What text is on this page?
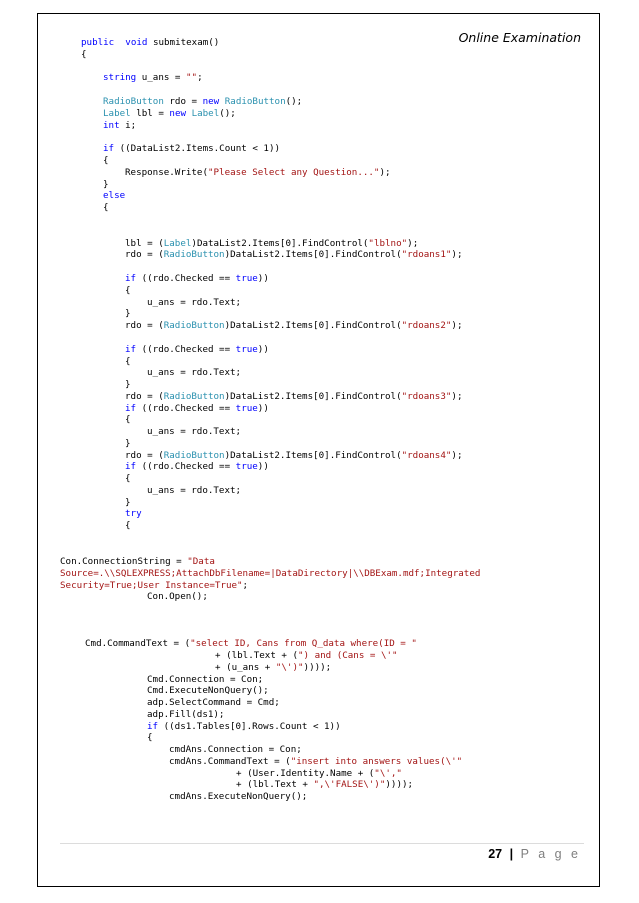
Online Examination
public void submitexam()
{
string u_ans = "";
RadioButton rdo = new RadioButton();
Label lbl = new Label();
int i;
if ((DataList2.Items.Count < 1))
{
Response.Write("Please Select any Question...");
}
else
{
lbl = (Label)DataList2.Items[0].FindControl("lblno");
rdo = (RadioButton)DataList2.Items[0].FindControl("rdoans1");
if ((rdo.Checked == true))
{
u_ans = rdo.Text;
}
rdo = (RadioButton)DataList2.Items[0].FindControl("rdoans2");
if ((rdo.Checked == true))
{
u_ans = rdo.Text;
}
rdo = (RadioButton)DataList2.Items[0].FindControl("rdoans3");
if ((rdo.Checked == true))
{
u_ans = rdo.Text;
}
rdo = (RadioButton)DataList2.Items[0].FindControl("rdoans4");
if ((rdo.Checked == true))
{
u_ans = rdo.Text;
}
try
{
Con.ConnectionString = "Data
Source=.\\SQLEXPRESS;AttachDbFilename=|DataDirectory|\\DBExam.mdf;Integrated
Security=True;User Instance=True";
Con.Open();
Cmd.CommandText = ("select ID, Cans from Q_data where(ID = "
+ (lbl.Text + (") and (Cans = \'"
+ (u_ans + "\')"))));
Cmd.Connection = Con;
Cmd.ExecuteNonQuery();
adp.SelectCommand = Cmd;
adp.Fill(ds1);
if ((ds1.Tables[0].Rows.Count < 1))
{
cmdAns.Connection = Con;
cmdAns.CommandText = ("insert into answers values(\'"
+ (User.Identity.Name + ("\',"
+ (lbl.Text + ",\'FALSE\')"))));
cmdAns.ExecuteNonQuery();
27 | P a g e
